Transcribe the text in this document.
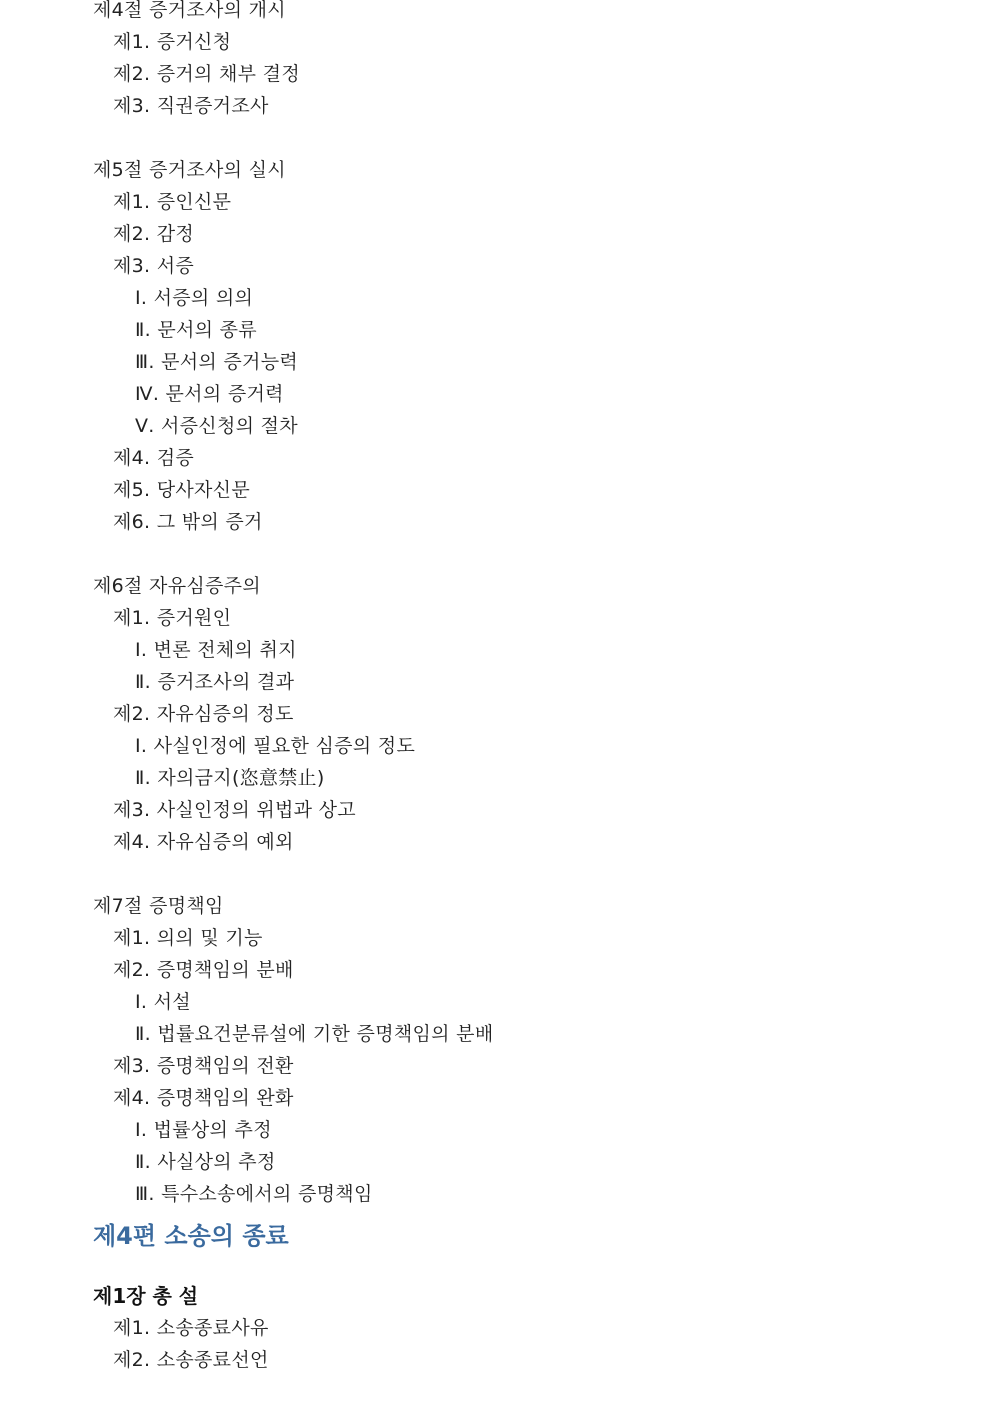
제4절 증거조사의 개시
제1. 증거신청
제2. 증거의 채부 결정
제3. 직권증거조사
제5절 증거조사의 실시
제1. 증인신문
제2. 감정
제3. 서증
Ⅰ. 서증의 의의
Ⅱ. 문서의 종류
Ⅲ. 문서의 증거능력
Ⅳ. 문서의 증거력
Ⅴ. 서증신청의 절차
제4. 검증
제5. 당사자신문
제6. 그 밖의 증거
제6절 자유심증주의
제1. 증거원인
Ⅰ. 변론 전체의 취지
Ⅱ. 증거조사의 결과
제2. 자유심증의 정도
Ⅰ. 사실인정에 필요한 심증의 정도
Ⅱ. 자의금지(恣意禁止)
제3. 사실인정의 위법과 상고
제4. 자유심증의 예외
제7절 증명책임
제1. 의의 및 기능
제2. 증명책임의 분배
Ⅰ. 서설
Ⅱ. 법률요건분류설에 기한 증명책임의 분배
제3. 증명책임의 전환
제4. 증명책임의 완화
Ⅰ. 법률상의 추정
Ⅱ. 사실상의 추정
Ⅲ. 특수소송에서의 증명책임
제4편 소송의 종료
제1장 총 설
제1. 소송종료사유
제2. 소송종료선언
